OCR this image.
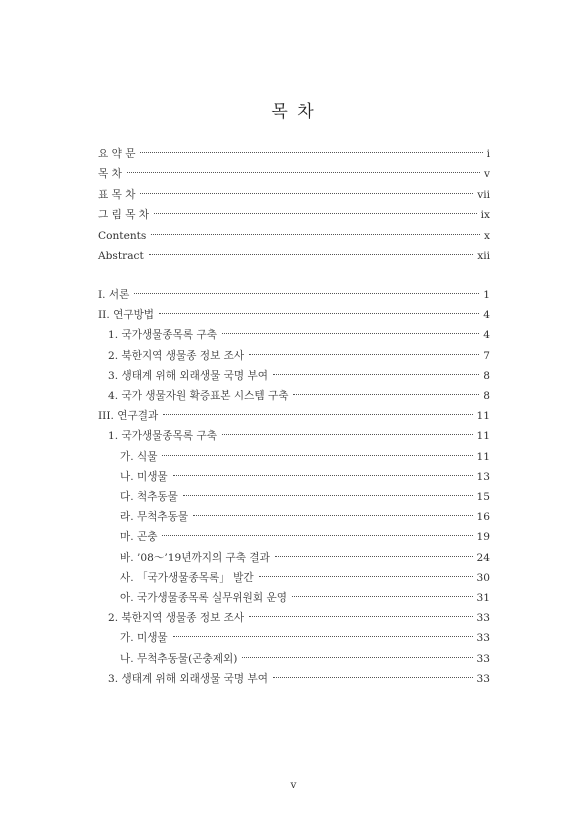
목 차
요 약 문	i
목 차	v
표 목 차	vii
그 림 목 차	ix
Contents	x
Abstract	xii
I. 서론	1
II. 연구방법	4
1. 국가생물종목록 구축	4
2. 북한지역 생물종 정보 조사	7
3. 생태계 위해 외래생물 국명 부여	8
4. 국가 생물자원 확증표본 시스템 구축	8
III. 연구결과	11
1. 국가생물종목록 구축	11
가. 식물	11
나. 미생물	13
다. 척추동물	15
라. 무척추동물	16
마. 곤충	19
바. ’08～’19년까지의 구축 결과	24
사. 「국가생물종목록」 발간	30
아. 국가생물종목록 실무위원회 운영	31
2. 북한지역 생물종 정보 조사	33
가. 미생물	33
나. 무척추동물(곤충제외)	33
3. 생태계 위해 외래생물 국명 부여	33
v
